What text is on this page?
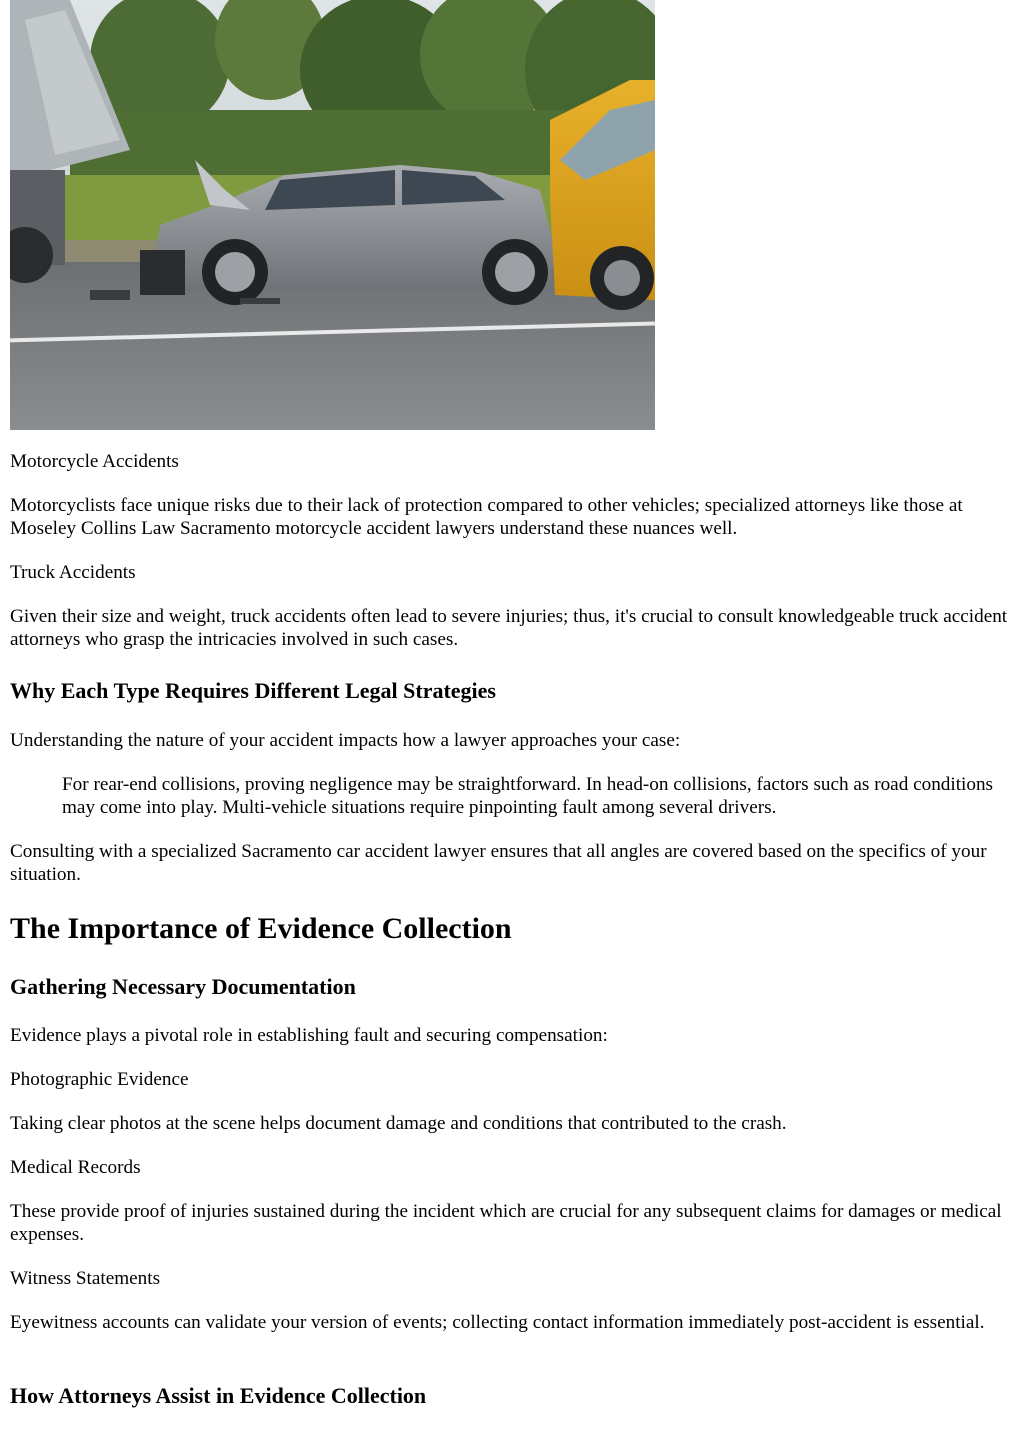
Motorcycle Accidents

Motorcyclists face unique risks due to their lack of protection compared to other vehicles; specialized attorneys like those at Moseley Collins Law Sacramento motorcycle accident lawyers understand these nuances well.

Truck Accidents

Given their size and weight, truck accidents often lead to severe injuries; thus, it's crucial to consult knowledgeable truck accident attorneys who grasp the intricacies involved in such cases.

Why Each Type Requires Different Legal Strategies

Understanding the nature of your accident impacts how a lawyer approaches your case:

For rear-end collisions, proving negligence may be straightforward. In head-on collisions, factors such as road conditions may come into play. Multi-vehicle situations require pinpointing fault among several drivers.

Consulting with a specialized Sacramento car accident lawyer ensures that all angles are covered based on the specifics of your situation.

The Importance of Evidence Collection
Gathering Necessary Documentation

Evidence plays a pivotal role in establishing fault and securing compensation:

Photographic Evidence

Taking clear photos at the scene helps document damage and conditions that contributed to the crash.

Medical Records

These provide proof of injuries sustained during the incident which are crucial for any subsequent claims for damages or medical expenses.

Witness Statements

Eyewitness accounts can validate your version of events; collecting contact information immediately post-accident is essential.

How Attorneys Assist in Evidence Collection
